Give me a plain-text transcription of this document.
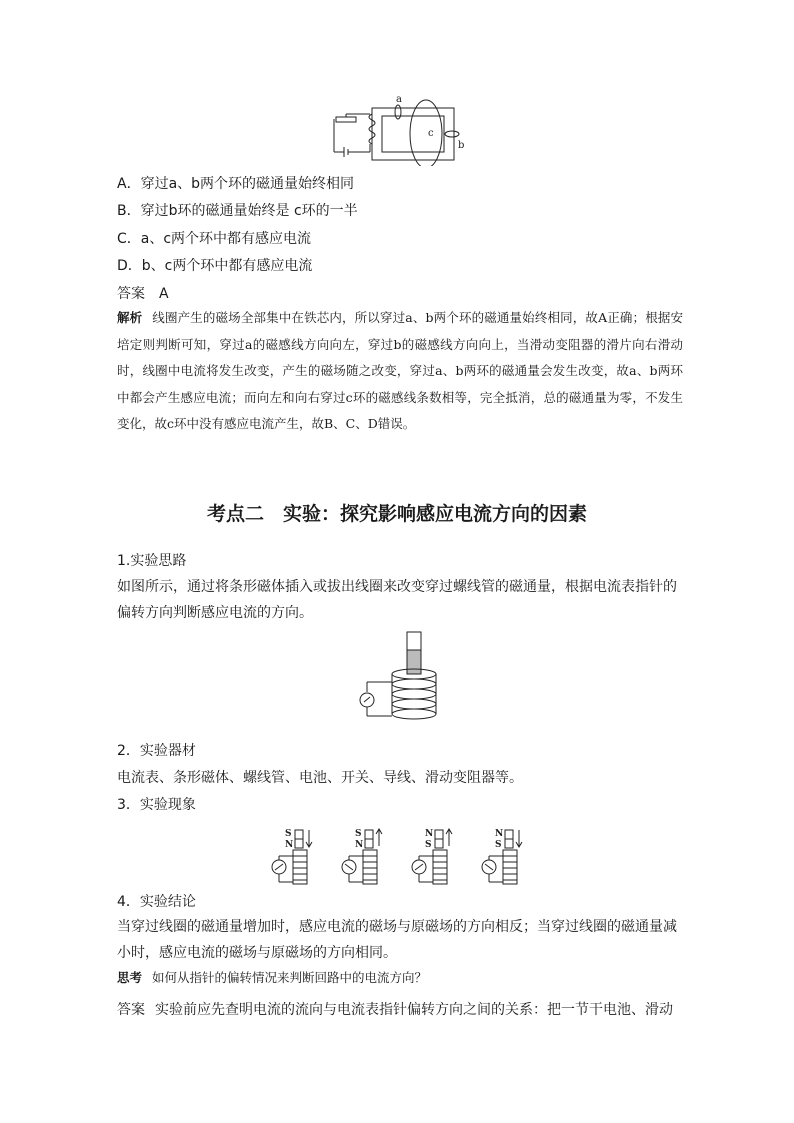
a
c
b
A．穿过a、b两个环的磁通量始终相同
B．穿过b环的磁通量始终是 c环的一半
C．a、c两个环中都有感应电流
D．b、c两个环中都有感应电流
答案 A
解析 线圈产生的磁场全部集中在铁芯内，所以穿过a、b两个环的磁通量始终相同，故A正确；根据安培定则判断可知，穿过a的磁感线方向向左，穿过b的磁感线方向向上，当滑动变阻器的滑片向右滑动时，线圈中电流将发生改变，产生的磁场随之改变，穿过a、b两环的磁通量会发生改变，故a、b两环中都会产生感应电流；而向左和向右穿过c环的磁感线条数相等，完全抵消，总的磁通量为零，不发生变化，故c环中没有感应电流产生，故B、C、D错误。
考点二　实验：探究影响感应电流方向的因素
1.实验思路
如图所示，通过将条形磁体插入或拔出线圈来改变穿过螺线管的磁通量，根据电流表指针的偏转方向判断感应电流的方向。
2．实验器材
电流表、条形磁体、螺线管、电池、开关、导线、滑动变阻器等。
3．实验现象
S
N
S
N
N
S
N
S
4．实验结论
当穿过线圈的磁通量增加时，感应电流的磁场与原磁场的方向相反；当穿过线圈的磁通量减小时，感应电流的磁场与原磁场的方向相同。
思考 如何从指针的偏转情况来判断回路中的电流方向？
答案 实验前应先查明电流的流向与电流表指针偏转方向之间的关系：把一节干电池、滑动
